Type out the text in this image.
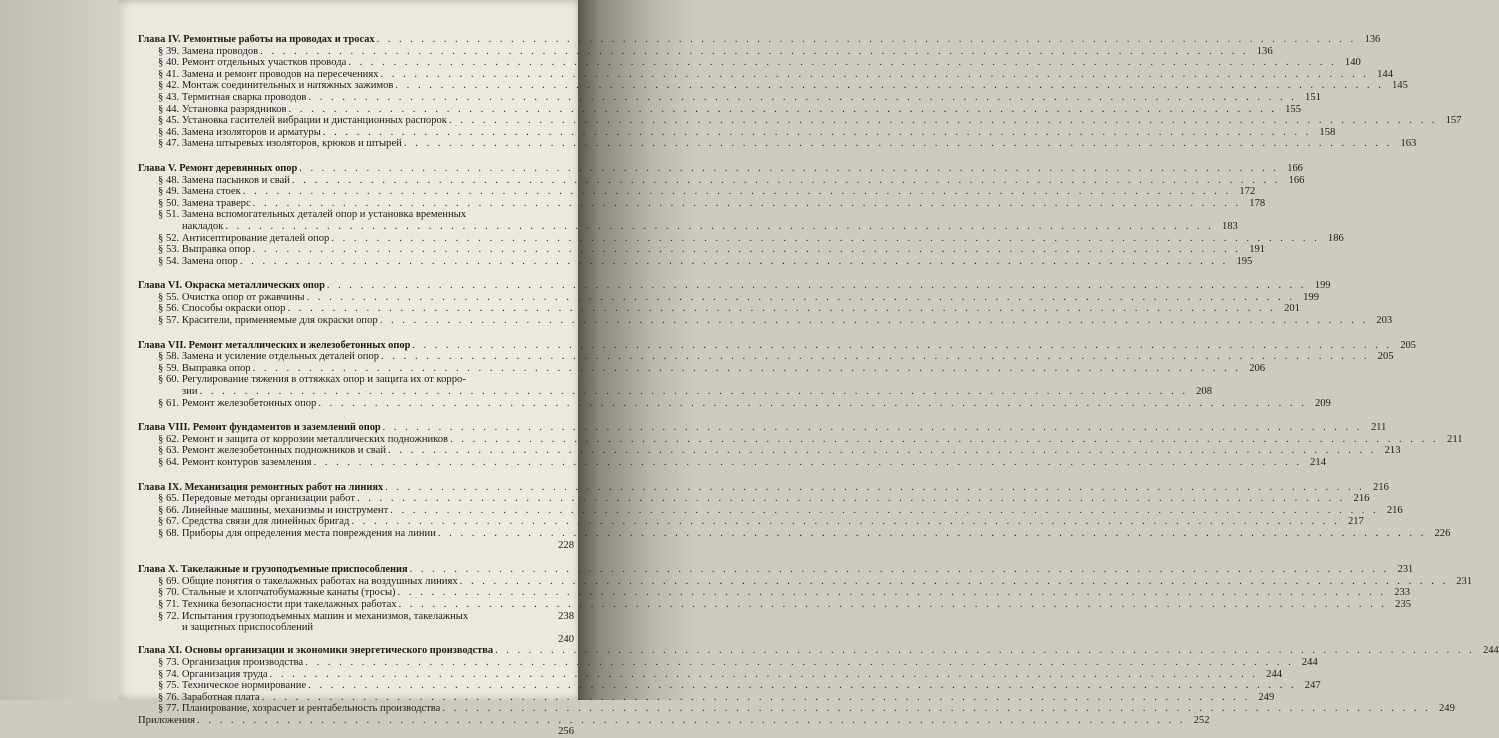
Глава IV. Ремонтные работы на проводах и тросах . . .	136
§ 39. Замена проводов . . .	136
§ 40. Ремонт отдельных участков провода . . .	140
§ 41. Замена и ремонт проводов на пересечениях . . .	144
§ 42. Монтаж соединительных и натяжных зажимов . . .	145
§ 43. Термитная сварка проводов . . .	151
§ 44. Установка разрядников . . .	155
§ 45. Установка гасителей вибрации и дистанционных распорок . . .	157
§ 46. Замена изоляторов и арматуры . . .	158
§ 47. Замена штыревых изоляторов, крюков и штырей . . .	163
Глава V. Ремонт деревянных опор . . .	166
§ 48. Замена пасынков и свай . . .	166
§ 49. Замена стоек . . .	172
§ 50. Замена траверс . . .	178
§ 51. Замена вспомогательных деталей опор и установка временных
накладок . . .	183
§ 52. Антисептирование деталей опор . . .	186
§ 53. Выправка опор . . .	191
§ 54. Замена опор . . .	195
Глава VI. Окраска металлических опор . . .	199
§ 55. Очистка опор от ржавчины . . .	199
§ 56. Способы окраски опор . . .	201
§ 57. Красители, применяемые для окраски опор . . .	203
Глава VII. Ремонт металлических и железобетонных опор . . .	205
§ 58. Замена и усиление отдельных деталей опор . . .	205
§ 59. Выправка опор . . .	206
§ 60. Регулирование тяжения в оттяжках опор и защита их от корро-
зии . . .	208
§ 61. Ремонт железобетонных опор . . .	209
Глава VIII. Ремонт фундаментов и заземлений опор . . .	211
§ 62. Ремонт и защита от коррозии металлических подножников . . .	211
§ 63. Ремонт железобетонных подножников и свай . . .	213
§ 64. Ремонт контуров заземления . . .	214
Глава IX. Механизация ремонтных работ на линиях . . .	216
§ 65. Передовые методы организации работ . . .	216
§ 66. Линейные машины, механизмы и инструмент . . .	216
§ 67. Средства связи для линейных бригад . . .	217
§ 68. Приборы для определения места повреждения на линии . . .	226
228
Глава X. Такелажные и грузоподъемные приспособления . . .	231
§ 69. Общие понятия о такелажных работах на воздушных линиях . . .	231
§ 70. Стальные и хлопчатобумажные канаты (тросы) . . .	233
§ 71. Техника безопасности при такелажных работах . . .	235
§ 72. Испытания грузоподъемных машин и механизмов, такелажных	238
и защитных приспособлений
240
Глава XI. Основы организации и экономики энергетического производства . . .	244
§ 73. Организация производства . . .	244
§ 74. Организация труда . . .	244
§ 75. Техническое нормирование . . .	247
§ 76. Заработная плата . . .	249
§ 77. Планирование, хозрасчет и рентабельность производства . . .	249
Приложения . . .	252
256
